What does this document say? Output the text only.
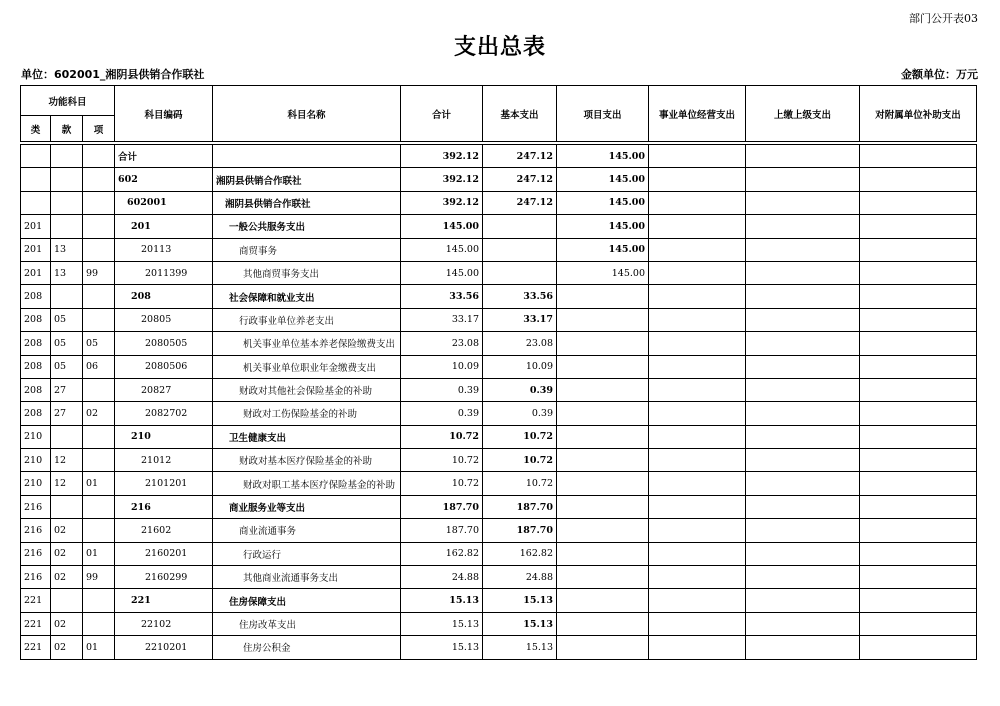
部门公开表03
支出总表
单位：602001_湘阴县供销合作联社	金额单位：万元
功能科目			科目编码	科目名称	合计	基本支出	项目支出	事业单位经营支出	上缴上级支出	对附属单位补助支出
类	款	项								

			合计		392.12	247.12	145.00			
			602	湘阴县供销合作联社	392.12	247.12	145.00			
			602001	湘阴县供销合作联社	392.12	247.12	145.00			
201			201	一般公共服务支出	145.00		145.00			
201	13		20113	商贸事务	145.00		145.00			
201	13	99	2011399	其他商贸事务支出	145.00		145.00			
208			208	社会保障和就业支出	33.56	33.56				
208	05		20805	行政事业单位养老支出	33.17	33.17				
208	05	05	2080505	机关事业单位基本养老保险缴费支出	23.08	23.08				
208	05	06	2080506	机关事业单位职业年金缴费支出	10.09	10.09				
208	27		20827	财政对其他社会保险基金的补助	0.39	0.39				
208	27	02	2082702	财政对工伤保险基金的补助	0.39	0.39				
210			210	卫生健康支出	10.72	10.72				
210	12		21012	财政对基本医疗保险基金的补助	10.72	10.72				
210	12	01	2101201	财政对职工基本医疗保险基金的补助	10.72	10.72				
216			216	商业服务业等支出	187.70	187.70				
216	02		21602	商业流通事务	187.70	187.70				
216	02	01	2160201	行政运行	162.82	162.82				
216	02	99	2160299	其他商业流通事务支出	24.88	24.88				
221			221	住房保障支出	15.13	15.13				
221	02		22102	住房改革支出	15.13	15.13				
221	02	01	2210201	住房公积金	15.13	15.13				
